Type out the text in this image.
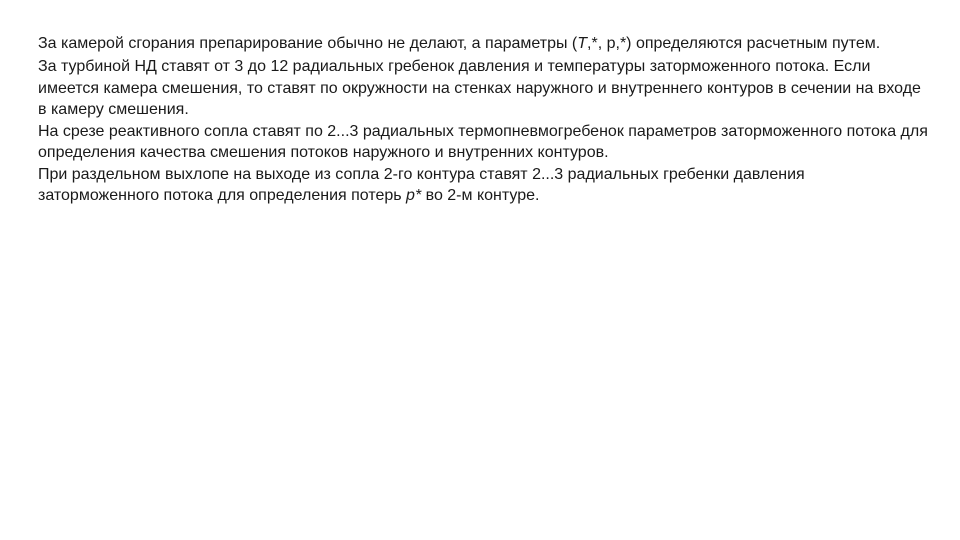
За камерой сгорания препарирование обычно не делают, а параметры (T,*, p,*) определяются расчетным путем.

За турбиной НД ставят от 3 до 12 радиальных гребенок давления и температуры заторможенного потока. Если имеется камера смешения, то ставят по окружности на стенках наружного и внутреннего контуров в сечении на входе в камеру смешения.

На срезе реактивного сопла ставят по 2...3 радиальных термопневмогребенок параметров заторможенного потока для определения качества смешения потоков наружного и внутренних контуров.

При раздельном выхлопе на выходе из сопла 2-го контура ставят 2...3 радиальных гребенки давления заторможенного потока для определения потерь p* во 2-м контуре.
